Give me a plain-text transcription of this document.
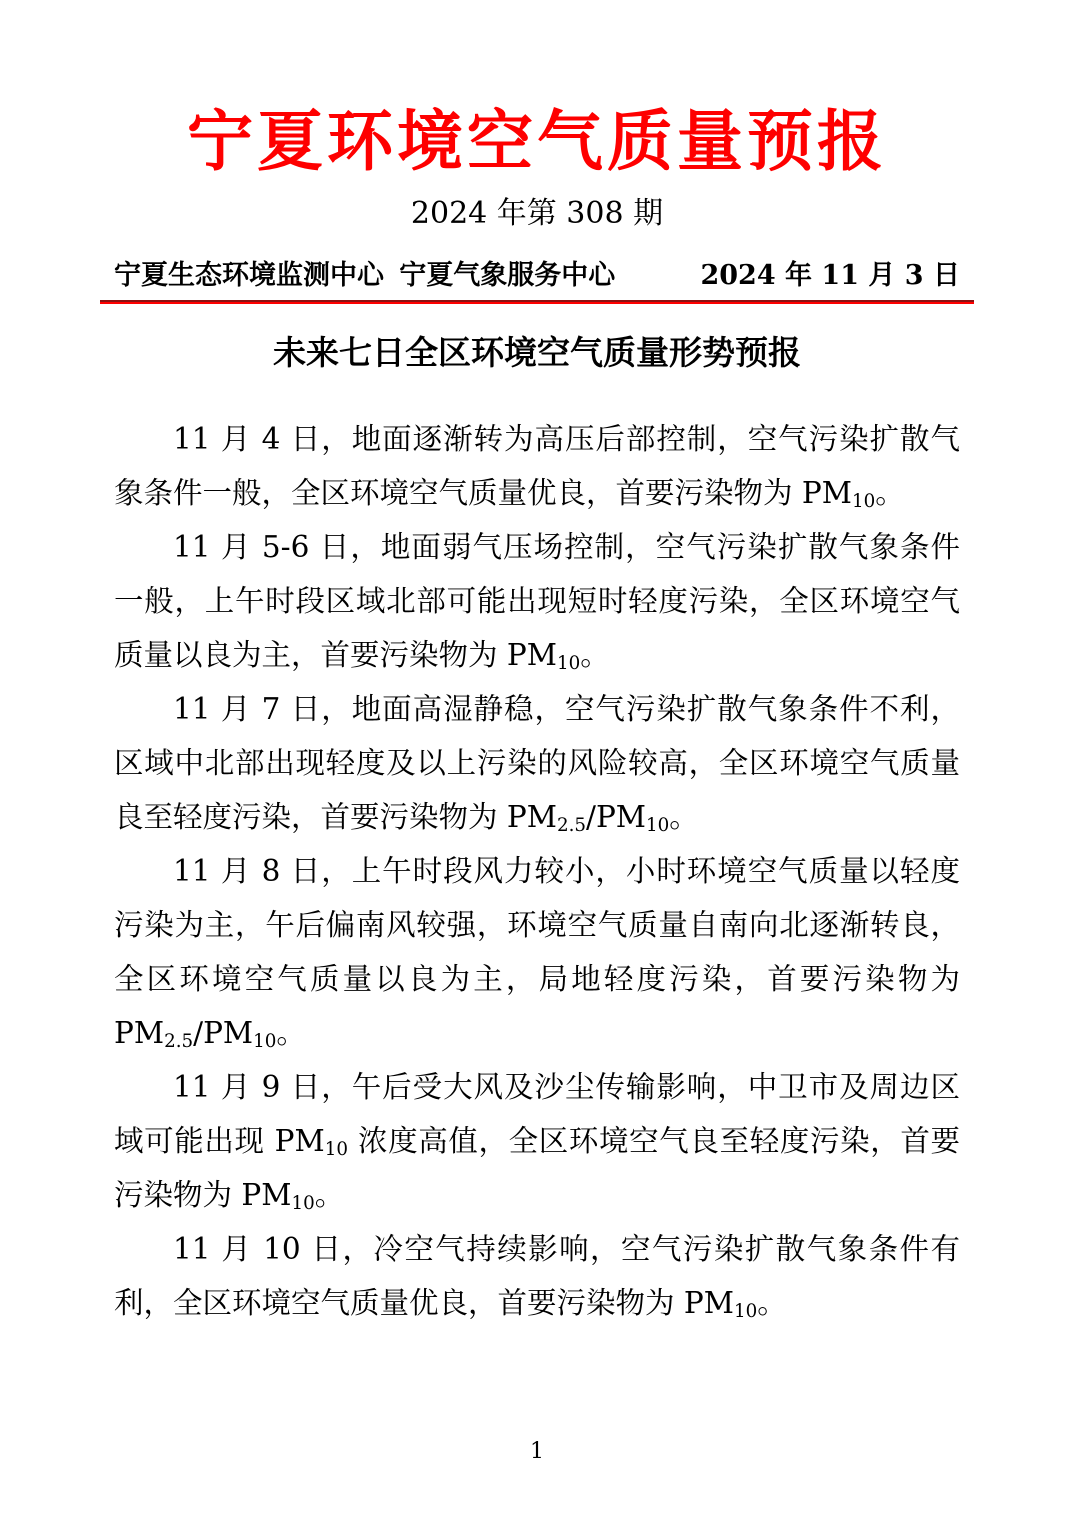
宁夏环境空气质量预报
2024 年第 308 期
宁夏生态环境监测中心 宁夏气象服务中心	2024 年 11 月 3 日
未来七日全区环境空气质量形势预报

11 月 4 日，地面逐渐转为高压后部控制，空气污染扩散气象条件一般，全区环境空气质量优良，首要污染物为 $PM_{10}$。

11 月 5-6 日，地面弱气压场控制，空气污染扩散气象条件一般，上午时段区域北部可能出现短时轻度污染，全区环境空气质量以良为主，首要污染物为 $PM_{10}$。

11 月 7 日，地面高湿静稳，空气污染扩散气象条件不利，区域中北部出现轻度及以上污染的风险较高，全区环境空气质量良至轻度污染，首要污染物为 $PM_{2.5}/PM_{10}$。

11 月 8 日，上午时段风力较小，小时环境空气质量以轻度污染为主，午后偏南风较强，环境空气质量自南向北逐渐转良，全区环境空气质量以良为主，局地轻度污染，首要污染物为 $PM_{2.5}/PM_{10}$。

11 月 9 日，午后受大风及沙尘传输影响，中卫市及周边区域可能出现 $PM_{10}$ 浓度高值，全区环境空气良至轻度污染，首要污染物为 $PM_{10}$。

11 月 10 日，冷空气持续影响，空气污染扩散气象条件有利，全区环境空气质量优良，首要污染物为 $PM_{10}$。

1
